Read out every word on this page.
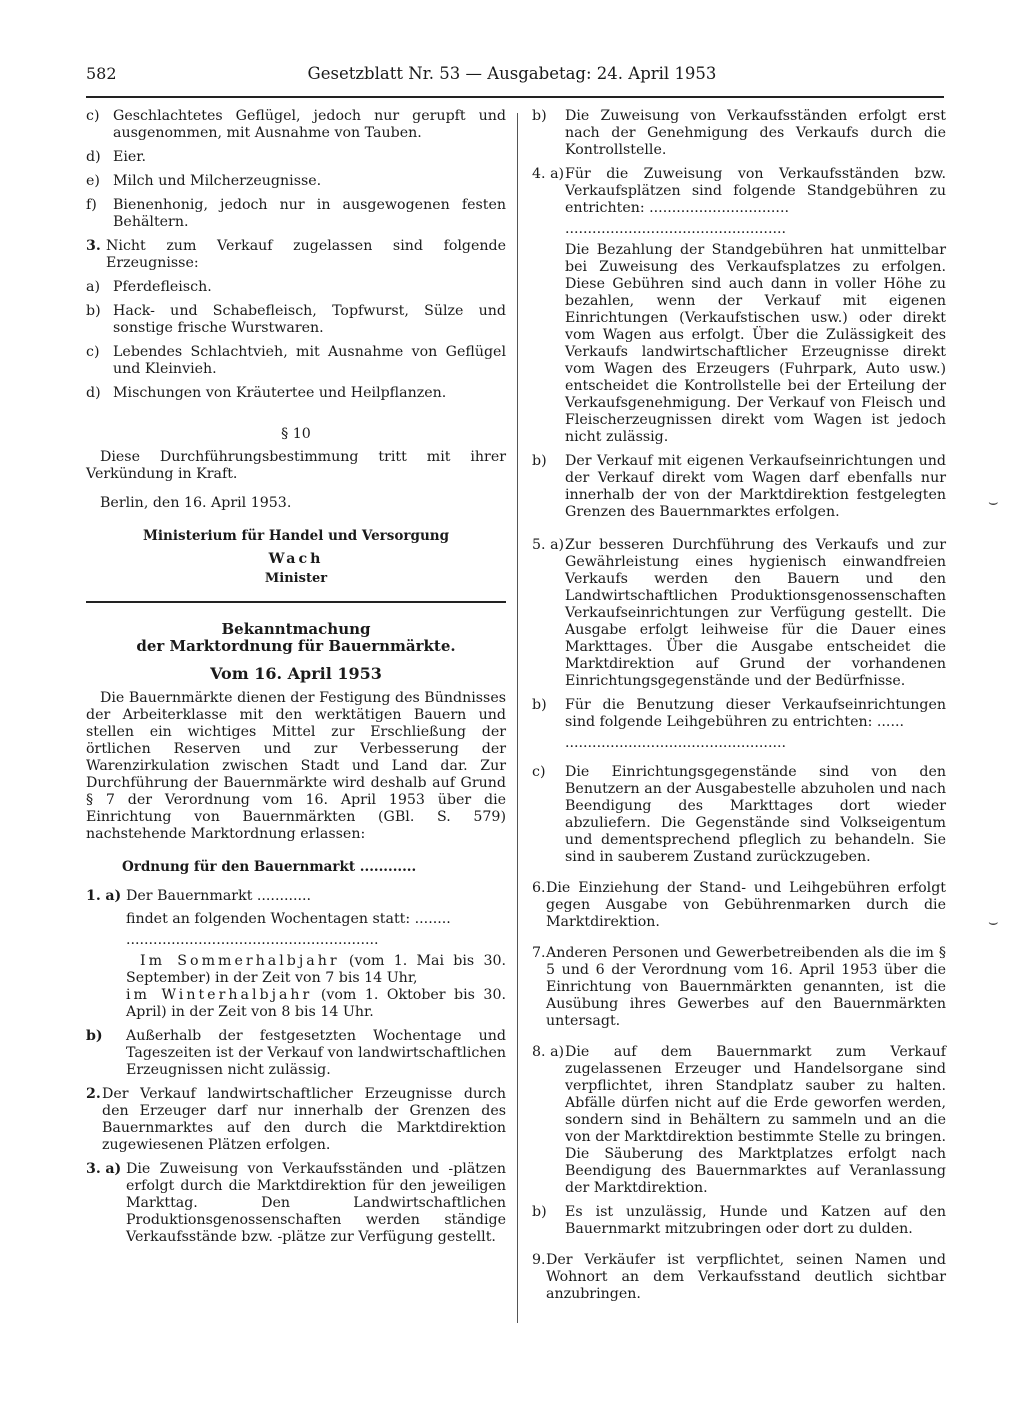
582	Gesetzblatt Nr. 53 — Ausgabetag: 24. April 1953
c) Geschlachtetes Geflügel, jedoch nur gerupft und ausgenommen, mit Ausnahme von Tauben.
d) Eier.
e) Milch und Milcherzeugnisse.
f) Bienenhonig, jedoch nur in ausgewogenen festen Behältern.
3. Nicht zum Verkauf zugelassen sind folgende Erzeugnisse:
a) Pferdefleisch.
b) Hack- und Schabefleisch, Topfwurst, Sülze und sonstige frische Wurstwaren.
c) Lebendes Schlachtvieh, mit Ausnahme von Geflügel und Kleinvieh.
d) Mischungen von Kräutertee und Heilpflanzen.
§ 10
Diese Durchführungsbestimmung tritt mit ihrer Verkündung in Kraft.
Berlin, den 16. April 1953.
Ministerium für Handel und Versorgung
Wach
Minister
Bekanntmachung
der Marktordnung für Bauernmärkte.
Vom 16. April 1953
Die Bauernmärkte dienen der Festigung des Bündnisses der Arbeiterklasse mit den werktätigen Bauern und stellen ein wichtiges Mittel zur Erschließung der örtlichen Reserven und zur Verbesserung der Warenzirkulation zwischen Stadt und Land dar. Zur Durchführung der Bauernmärkte wird deshalb auf Grund § 7 der Verordnung vom 16. April 1953 über die Einrichtung von Bauernmärkten (GBl. S. 579) nachstehende Marktordnung erlassen:
Ordnung für den Bauernmarkt ............
1. a) Der Bauernmarkt ............
findet an folgenden Wochentagen statt: ........
........................................................
Im Sommerhalbjahr (vom 1. Mai bis 30. September) in der Zeit von 7 bis 14 Uhr,
im Winterhalbjahr (vom 1. Oktober bis 30. April) in der Zeit von 8 bis 14 Uhr.
b) Außerhalb der festgesetzten Wochentage und Tageszeiten ist der Verkauf von landwirtschaftlichen Erzeugnissen nicht zulässig.
2. Der Verkauf landwirtschaftlicher Erzeugnisse durch den Erzeuger darf nur innerhalb der Grenzen des Bauernmarktes auf den durch die Marktdirektion zugewiesenen Plätzen erfolgen.
3. a) Die Zuweisung von Verkaufsständen und -plätzen erfolgt durch die Marktdirektion für den jeweiligen Markttag. Den Landwirtschaftlichen Produktionsgenossenschaften werden ständige Verkaufsstände bzw. -plätze zur Verfügung gestellt.
b) Die Zuweisung von Verkaufsständen erfolgt erst nach der Genehmigung des Verkaufs durch die Kontrollstelle.
4. a) Für die Zuweisung von Verkaufsständen bzw. Verkaufsplätzen sind folgende Standgebühren zu entrichten: ...............................
.................................................
Die Bezahlung der Standgebühren hat unmittelbar bei Zuweisung des Verkaufsplatzes zu erfolgen. Diese Gebühren sind auch dann in voller Höhe zu bezahlen, wenn der Verkauf mit eigenen Einrichtungen (Verkaufstischen usw.) oder direkt vom Wagen aus erfolgt. Über die Zulässigkeit des Verkaufs landwirtschaftlicher Erzeugnisse direkt vom Wagen des Erzeugers (Fuhrpark, Auto usw.) entscheidet die Kontrollstelle bei der Erteilung der Verkaufsgenehmigung. Der Verkauf von Fleisch und Fleischerzeugnissen direkt vom Wagen ist jedoch nicht zulässig.
b) Der Verkauf mit eigenen Verkaufseinrichtungen und der Verkauf direkt vom Wagen darf ebenfalls nur innerhalb der von der Marktdirektion festgelegten Grenzen des Bauernmarktes erfolgen.
5. a) Zur besseren Durchführung des Verkaufs und zur Gewährleistung eines hygienisch einwandfreien Verkaufs werden den Bauern und den Landwirtschaftlichen Produktionsgenossenschaften Verkaufseinrichtungen zur Verfügung gestellt. Die Ausgabe erfolgt leihweise für die Dauer eines Markttages. Über die Ausgabe entscheidet die Marktdirektion auf Grund der vorhandenen Einrichtungsgegenstände und der Bedürfnisse.
b) Für die Benutzung dieser Verkaufseinrichtungen sind folgende Leihgebühren zu entrichten: ......
.................................................
c) Die Einrichtungsgegenstände sind von den Benutzern an der Ausgabestelle abzuholen und nach Beendigung des Markttages dort wieder abzuliefern. Die Gegenstände sind Volkseigentum und dementsprechend pfleglich zu behandeln. Sie sind in sauberem Zustand zurückzugeben.
6. Die Einziehung der Stand- und Leihgebühren erfolgt gegen Ausgabe von Gebührenmarken durch die Marktdirektion.
7. Anderen Personen und Gewerbetreibenden als die im § 5 und 6 der Verordnung vom 16. April 1953 über die Einrichtung von Bauernmärkten genannten, ist die Ausübung ihres Gewerbes auf den Bauernmärkten untersagt.
8. a) Die auf dem Bauernmarkt zum Verkauf zugelassenen Erzeuger und Handelsorgane sind verpflichtet, ihren Standplatz sauber zu halten. Abfälle dürfen nicht auf die Erde geworfen werden, sondern sind in Behältern zu sammeln und an die von der Marktdirektion bestimmte Stelle zu bringen. Die Säuberung des Marktplatzes erfolgt nach Beendigung des Bauernmarktes auf Veranlassung der Marktdirektion.
b) Es ist unzulässig, Hunde und Katzen auf den Bauernmarkt mitzubringen oder dort zu dulden.
9. Der Verkäufer ist verpflichtet, seinen Namen und Wohnort an dem Verkaufsstand deutlich sichtbar anzubringen.
⌣
⌣
